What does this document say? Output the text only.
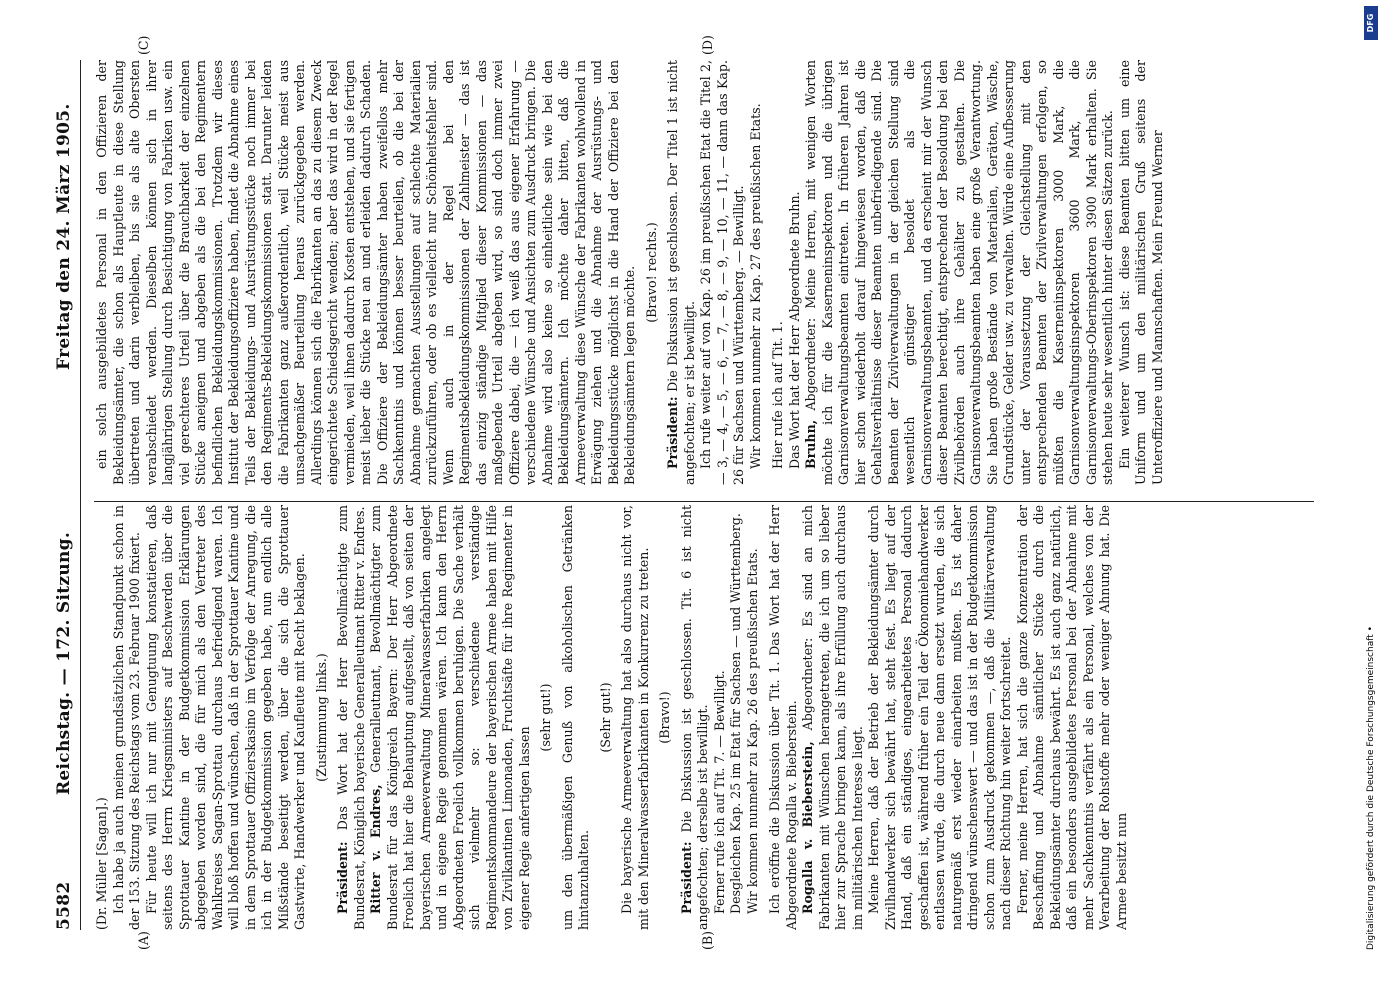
5582
Reichstag. — 172. Sitzung.
Freitag den 24. März 1905.
(A)	(B)
(C)	(D)

(Dr. Müller [Sagan].) Ich habe ja auch meinen grundsätzlichen Standpunkt schon in der 153. Sitzung des Reichstags vom 23. Februar 1900 fixiert. Für heute will ich nur mit Genugtuung konstatieren, daß seitens des Herrn Kriegsministers auf Beschwerden über die Sprottauer Kantine in der Budgetkommission Erklärungen abgegeben worden sind, die für mich als den Vertreter des Wahlkreises Sagan-Sprottau durchaus befriedigend waren. Ich will bloß hoffen und wünschen, daß in der Sprottauer Kantine und in dem Sprottauer Offizierskasino im Verfolge der Anregung, die ich in der Budgetkommission gegeben habe, nun endlich alle Mißstände beseitigt werden, über die sich die Sprottauer Gastwirte, Handwerker und Kaufleute mit Recht beklagen. (Zustimmung links.)

Präsident: Das Wort hat der Herr Bevollmächtigte zum Bundesrat, Königlich bayerische Generalleutnant Ritter v. Endres. Ritter v. Endres, Generalleutnant, Bevollmächtigter zum Bundesrat für das Königreich Bayern: Der Herr Abgeordnete Froelich hat hier die Behauptung aufgestellt, daß von seiten der bayerischen Armeeverwaltung Mineralwasserfabriken angelegt und in eigene Regie genommen wären. Ich kann den Herrn Abgeordneten Froelich vollkommen beruhigen. Die Sache verhält sich vielmehr so: verschiedene verständige Regimentskommandeure der bayerischen Armee haben mit Hilfe von Zivilkantinen Limonaden, Fruchtsäfte für ihre Regimenter in eigener Regie anfertigen lassen

(sehr gut!) um den übermäßigen Genuß von alkoholischen Getränken hintanzuhalten.

(Sehr gut!) Die bayerische Armeeverwaltung hat also durchaus nicht vor, mit den Mineralwasserfabrikanten in Konkurrenz zu treten. (Bravo!)

Präsident: Die Diskussion ist geschlossen. Tit. 6 ist nicht angefochten; derselbe ist bewilligt. Ferner rufe ich auf Tit. 7. — Bewilligt. Desgleichen Kap. 25 im Etat für Sachsen — und Württemberg. Wir kommen nunmehr zu Kap. 26 des preußischen Etats. Ich eröffne die Diskussion über Tit. 1. Das Wort hat der Herr Abgeordnete Rogalla v. Bieberstein. Rogalla v. Bieberstein, Abgeordneter: Es sind an mich Fabrikanten mit Wünschen herangetreten, die ich um so lieber hier zur Sprache bringen kann, als ihre Erfüllung auch durchaus im militärischen Interesse liegt. Meine Herren, daß der Betrieb der Bekleidungsämter durch Zivilhandwerker sich bewährt hat, steht fest. Es liegt auf der Hand, daß ein ständiges, eingearbeitetes Personal dadurch geschaffen ist, während früher ein Teil der Ökonomiehandwerker entlassen wurde, die durch neue dann ersetzt wurden, die sich naturgemäß erst wieder einarbeiten mußten. Es ist daher dringend wünschenswert — und das ist in der Budgetkommission schon zum Ausdruck gekommen —, daß die Militärverwaltung nach dieser Richtung hin weiter fortschreitet. Ferner, meine Herren, hat sich die ganze Konzentration der Beschaffung und Abnahme sämtlicher Stücke durch die Bekleidungsämter durchaus bewährt. Es ist auch ganz natürlich, daß ein besonders ausgebildetes Personal bei der Abnahme mit mehr Sachkenntnis verfährt als ein Personal, welches von der Verarbeitung der Rohstoffe mehr oder weniger Ahnung hat. Die Armee besitzt nun

ein solch ausgebildetes Personal in den Offizieren der Bekleidungsämter, die schon als Hauptleute in diese Stellung übertreten und darin verbleiben, bis sie als alte Obersten verabschiedet werden. Dieselben können sich in ihrer langjährigen Stellung durch Besichtigung von Fabriken usw. ein viel gerechteres Urteil über die Brauchbarkeit der einzelnen Stücke aneignen und abgeben als die bei den Regimentern befindlichen Bekleidungskommissionen. Trotzdem wir dieses Institut der Bekleidungsoffiziere haben, findet die Abnahme eines Teils der Bekleidungs- und Ausrüstungsstücke noch immer bei den Regiments-Bekleidungskommissionen statt. Darunter leiden die Fabrikanten ganz außerordentlich, weil Stücke meist aus unsachgemäßer Beurteilung heraus zurückgegeben werden. Allerdings können sich die Fabrikanten an das zu diesem Zweck eingerichtete Schiedsgericht wenden; aber das wird in der Regel vermieden, weil ihnen dadurch Kosten entstehen, und sie fertigen meist lieber die Stücke neu an und erleiden dadurch Schaden. Die Offiziere der Bekleidungsämter haben zweifellos mehr Sachkenntnis und können besser beurteilen, ob die bei der Abnahme gemachten Ausstellungen auf schlechte Materialien zurückzuführen, oder ob es vielleicht nur Schönheitsfehler sind. Wenn auch in der Regel bei den Regimentsbekleidungskommissionen der Zahlmeister — das ist das einzig ständige Mitglied dieser Kommissionen — das maßgebende Urteil abgeben wird, so sind doch immer zwei Offiziere dabei, die — ich weiß das aus eigener Erfahrung — verschiedene Wünsche und Ansichten zum Ausdruck bringen. Die Abnahme wird also keine so einheitliche sein wie bei den Bekleidungsämtern. Ich möchte daher bitten, daß die Armeeverwaltung diese Wünsche der Fabrikanten wohlwollend in Erwägung ziehen und die Abnahme der Ausrüstungs- und Bekleidungsstücke möglichst in die Hand der Offiziere bei den Bekleidungsämtern legen möchte. (Bravo! rechts.)

Präsident: Die Diskussion ist geschlossen. Der Titel 1 ist nicht angefochten; er ist bewilligt. Ich rufe weiter auf von Kap. 26 im preußischen Etat die Titel 2, — 3, — 4, — 5, — 6, — 7, — 8, — 9, — 10, — 11, — dann das Kap. 26 für Sachsen und Württemberg. — Bewilligt. Wir kommen nunmehr zu Kap. 27 des preußischen Etats. Hier rufe ich auf Tit. 1. Das Wort hat der Herr Abgeordnete Bruhn. Bruhn, Abgeordneter: Meine Herren, mit wenigen Worten möchte ich für die Kaserneninspektoren und die übrigen Garnisonverwaltungsbeamten eintreten. In früheren Jahren ist hier schon wiederholt darauf hingewiesen worden, daß die Gehaltsverhältnisse dieser Beamten unbefriedigende sind. Die Beamten der Zivilverwaltungen in der gleichen Stellung sind wesentlich günstiger besoldet als die Garnisonverwaltungsbeamten, und da erscheint mir der Wunsch dieser Beamten berechtigt, entsprechend der Besoldung bei den Zivilbehörden auch ihre Gehälter zu gestalten. Die Garnisonverwaltungsbeamten haben eine große Verantwortung. Sie haben große Bestände von Materialien, Geräten, Wäsche, Grundstücke, Gelder usw. zu verwalten. Würde eine Aufbesserung unter der Voraussetzung der Gleichstellung mit den entsprechenden Beamten der Zivilverwaltungen erfolgen, so müßten die Kaserneninspektoren 3000 Mark, die Garnisonverwaltungsinspektoren 3600 Mark, die Garnisonverwaltungs-Oberinspektoren 3900 Mark erhalten. Sie stehen heute sehr wesentlich hinter diesen Sätzen zurück. Ein weiterer Wunsch ist: diese Beamten bitten um eine Uniform und um den militärischen Gruß seitens der Unteroffiziere und Mannschaften. Mein Freund Werner

DFG
Digitalisierung gefördert durch die Deutsche Forschungsgemeinschaft •
